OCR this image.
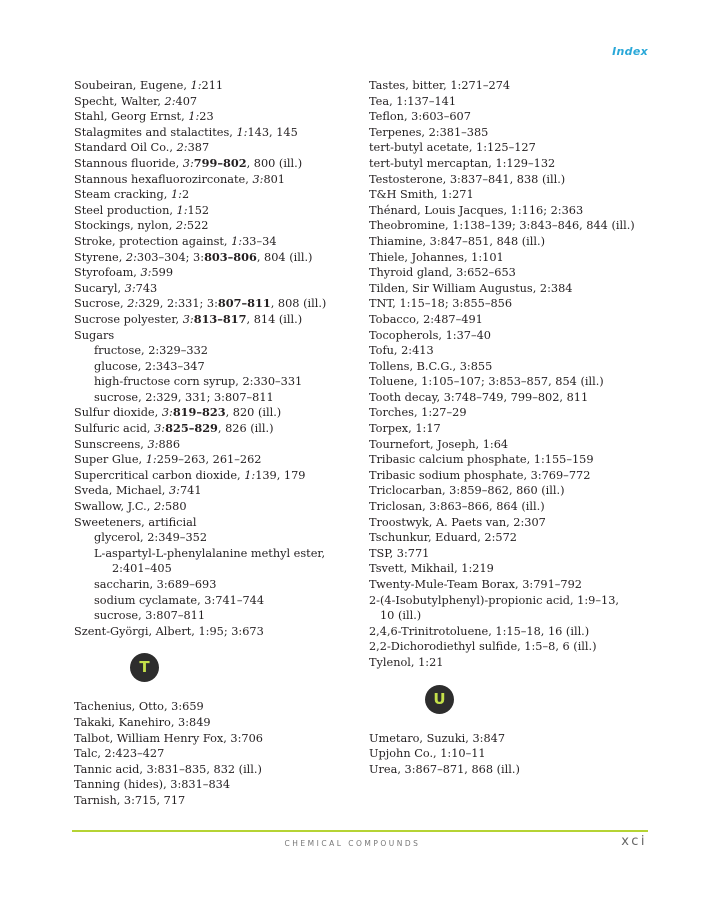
Index
Soubeiran, Eugene, 1:211
Specht, Walter, 2:407
Stahl, Georg Ernst, 1:23
Stalagmites and stalactites, 1:143, 145
Standard Oil Co., 2:387
Stannous fluoride, 3:799–802, 800 (ill.)
Stannous hexafluorozirconate, 3:801
Steam cracking, 1:2
Steel production, 1:152
Stockings, nylon, 2:522
Stroke, protection against, 1:33–34
Styrene, 2:303–304; 3:803–806, 804 (ill.)
Styrofoam, 3:599
Sucaryl, 3:743
Sucrose, 2:329, 2:331; 3:807–811, 808 (ill.)
Sucrose polyester, 3:813–817, 814 (ill.)
Sugars
fructose, 2:329–332
glucose, 2:343–347
high-fructose corn syrup, 2:330–331
sucrose, 2:329, 331; 3:807–811
Sulfur dioxide, 3:819–823, 820 (ill.)
Sulfuric acid, 3:825–829, 826 (ill.)
Sunscreens, 3:886
Super Glue, 1:259–263, 261–262
Supercritical carbon dioxide, 1:139, 179
Sveda, Michael, 3:741
Swallow, J.C., 2:580
Sweeteners, artificial
glycerol, 2:349–352
L-aspartyl-L-phenylalanine methyl ester,
2:401–405
saccharin, 3:689–693
sodium cyclamate, 3:741–744
sucrose, 3:807–811
Szent-Györgi, Albert, 1:95; 3:673
T
Tachenius, Otto, 3:659
Takaki, Kanehiro, 3:849
Talbot, William Henry Fox, 3:706
Talc, 2:423–427
Tannic acid, 3:831–835, 832 (ill.)
Tanning (hides), 3:831–834
Tarnish, 3:715, 717
Tastes, bitter, 1:271–274
Tea, 1:137–141
Teflon, 3:603–607
Terpenes, 2:381–385
tert-butyl acetate, 1:125–127
tert-butyl mercaptan, 1:129–132
Testosterone, 3:837–841, 838 (ill.)
T&H Smith, 1:271
Thénard, Louis Jacques, 1:116; 2:363
Theobromine, 1:138–139; 3:843–846, 844 (ill.)
Thiamine, 3:847–851, 848 (ill.)
Thiele, Johannes, 1:101
Thyroid gland, 3:652–653
Tilden, Sir William Augustus, 2:384
TNT, 1:15–18; 3:855–856
Tobacco, 2:487–491
Tocopherols, 1:37–40
Tofu, 2:413
Tollens, B.C.G., 3:855
Toluene, 1:105–107; 3:853–857, 854 (ill.)
Tooth decay, 3:748–749, 799–802, 811
Torches, 1:27–29
Torpex, 1:17
Tournefort, Joseph, 1:64
Tribasic calcium phosphate, 1:155–159
Tribasic sodium phosphate, 3:769–772
Triclocarban, 3:859–862, 860 (ill.)
Triclosan, 3:863–866, 864 (ill.)
Troostwyk, A. Paets van, 2:307
Tschunkur, Eduard, 2:572
TSP, 3:771
Tsvett, Mikhail, 1:219
Twenty-Mule-Team Borax, 3:791–792
2-(4-Isobutylphenyl)-propionic acid, 1:9–13,
10 (ill.)
2,4,6-Trinitrotoluene, 1:15–18, 16 (ill.)
2,2-Dichorodiethyl sulfide, 1:5–8, 6 (ill.)
Tylenol, 1:21
U
Umetaro, Suzuki, 3:847
Upjohn Co., 1:10–11
Urea, 3:867–871, 868 (ill.)
CHEMICAL COMPOUNDS	xci
